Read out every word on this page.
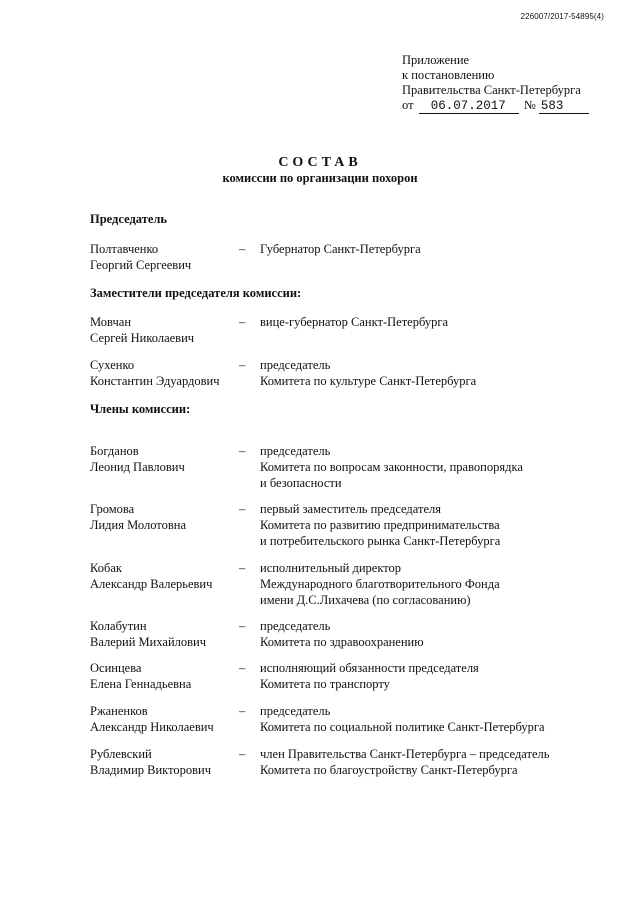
226007/2017-54895(4)
Приложение
к постановлению
Правительства Санкт-Петербурга
от 06.07.2017 № 583
СОСТАВ
комиссии по организации похорон
Председатель
Полтавченко
Георгий Сергеевич
– Губернатор Санкт-Петербурга
Заместители председателя комиссии:
Мовчан
Сергей Николаевич
– вице-губернатор Санкт-Петербурга
Сухенко
Константин Эдуардович
– председатель
Комитета по культуре Санкт-Петербурга
Члены комиссии:
Богданов
Леонид Павлович
– председатель
Комитета по вопросам законности, правопорядка
и безопасности
Громова
Лидия Молотовна
– первый заместитель председателя
Комитета по развитию предпринимательства
и потребительского рынка Санкт-Петербурга
Кобак
Александр Валерьевич
– исполнительный директор
Международного благотворительного Фонда
имени Д.С.Лихачева (по согласованию)
Колабутин
Валерий Михайлович
– председатель
Комитета по здравоохранению
Осинцева
Елена Геннадьевна
– исполняющий обязанности председателя
Комитета по транспорту
Ржаненков
Александр Николаевич
– председатель
Комитета по социальной политике Санкт-Петербурга
Рублевский
Владимир Викторович
– член Правительства Санкт-Петербурга – председатель
Комитета по благоустройству Санкт-Петербурга
